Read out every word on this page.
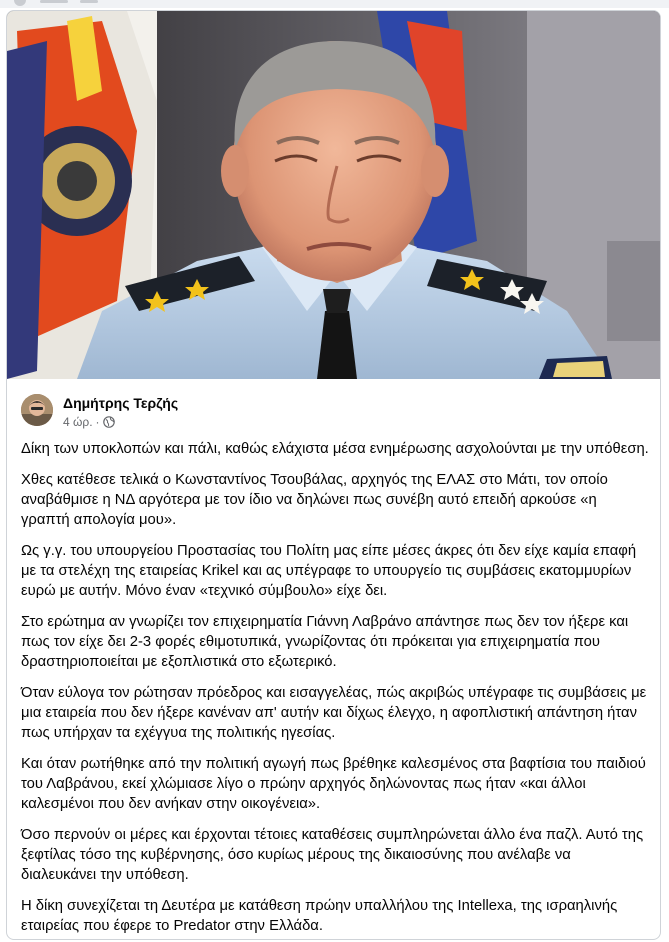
Δημήτρης Τερζής
4 ώρ. ·

Δίκη των υποκλοπών και πάλι, καθώς ελάχιστα μέσα ενημέρωσης ασχολούνται με την υπόθεση.

Χθες κατέθεσε τελικά ο Κωνσταντίνος Τσουβάλας, αρχηγός της ΕΛΑΣ στο Μάτι, τον οποίο αναβάθμισε η ΝΔ αργότερα με τον ίδιο να δηλώνει πως συνέβη αυτό επειδή αρκούσε «η γραπτή απολογία μου».

Ως γ.γ. του υπουργείου Προστασίας του Πολίτη μας είπε μέσες άκρες ότι δεν είχε καμία επαφή με τα στελέχη της εταιρείας Krikel και ας υπέγραφε το υπουργείο τις συμβάσεις εκατομμυρίων ευρώ με αυτήν. Μόνο έναν «τεχνικό σύμβουλο» είχε δει.

Στο ερώτημα αν γνωρίζει τον επιχειρηματία Γιάννη Λαβράνο απάντησε πως δεν τον ήξερε και πως τον είχε δει 2-3 φορές εθιμοτυπικά, γνωρίζοντας ότι πρόκειται για επιχειρηματία που δραστηριοποιείται με εξοπλιστικά στο εξωτερικό.

Όταν εύλογα τον ρώτησαν πρόεδρος και εισαγγελέας, πώς ακριβώς υπέγραφε τις συμβάσεις με μια εταιρεία που δεν ήξερε κανέναν απ' αυτήν και δίχως έλεγχο, η αφοπλιστική απάντηση ήταν πως υπήρχαν τα εχέγγυα της πολιτικής ηγεσίας.

Και όταν ρωτήθηκε από την πολιτική αγωγή πως βρέθηκε καλεσμένος στα βαφτίσια του παιδιού του Λαβράνου, εκεί χλώμιασε λίγο ο πρώην αρχηγός δηλώνοντας πως ήταν «και άλλοι καλεσμένοι που δεν ανήκαν στην οικογένεια».

Όσο περνούν οι μέρες και έρχονται τέτοιες καταθέσεις συμπληρώνεται άλλο ένα παζλ. Αυτό της ξεφτίλας τόσο της κυβέρνησης, όσο κυρίως μέρους της δικαιοσύνης που ανέλαβε να διαλευκάνει την υπόθεση.

Η δίκη συνεχίζεται τη Δευτέρα με κατάθεση πρώην υπαλλήλου της Intellexa, της ισραηλινής εταιρείας που έφερε το Predator στην Ελλάδα.
